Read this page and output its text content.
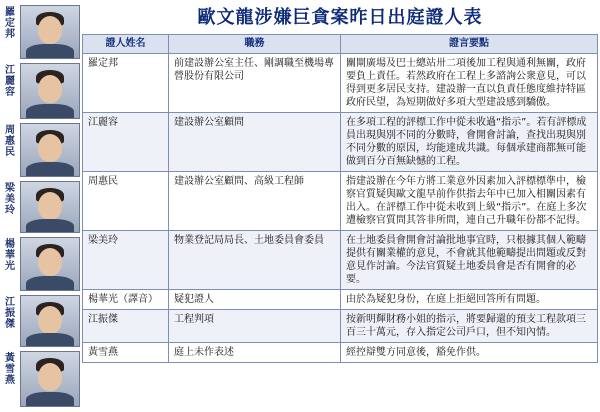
羅定邦
江麗容
周惠民
梁美玲
楊華光
江振傑
黃雪燕
歐文龍涉嫌巨貪案昨日出庭證人表
證人姓名	職務	證言要點
羅定邦	前建設辦公室主任、剛調職至機場專營股份有限公司	關閘廣場及巴士總站卅二項後加工程與通利無關，政府要負上責任。若然政府在工程上多諮詢公衆意見，可以得到更多居民支持。建設辦一直以負責任態度維持特區政府民望，為短期做好多項大型建設感到驕傲。
江麗容	建設辦公室顧問	在多項工程的評標工作中從未收過“指示”。若有評標成員出現與別不同的分數時，會開會討論，查找出現與別不同分數的原因，均能達成共識。每個承建商都無可能做到百分百無缺憾的工程。
周惠民	建設辦公室顧問、高級工程師	指建設辦在今年方將工業意外因素加入評標標準中，檢察官質疑與歐文龍早前作供指去年中已加入相關因素有出入。在評標工作中從未收到上級“指示”。在庭上多次遭檢察官質問其答非所問，連自己升職年份都不記得。
梁美玲	物業登記局局長、土地委員會委員	在土地委員會開會討論批地事宜時，只根據其個人範疇提供有關業權的意見，不會就其他範疇提出問題或反對意見作討論。今法官質疑土地委員會是否有開會的必要。
楊華光（譯音）	疑犯證人	由於為疑犯身份，在庭上拒絕回答所有問題。
江振傑	工程判項	按新明輝財務小姐的指示，將要歸還的預支工程款項三百三十萬元，存入指定公司戶口，但不知內情。
黃雪燕	庭上未作表述	經控辯雙方同意後，豁免作供。
